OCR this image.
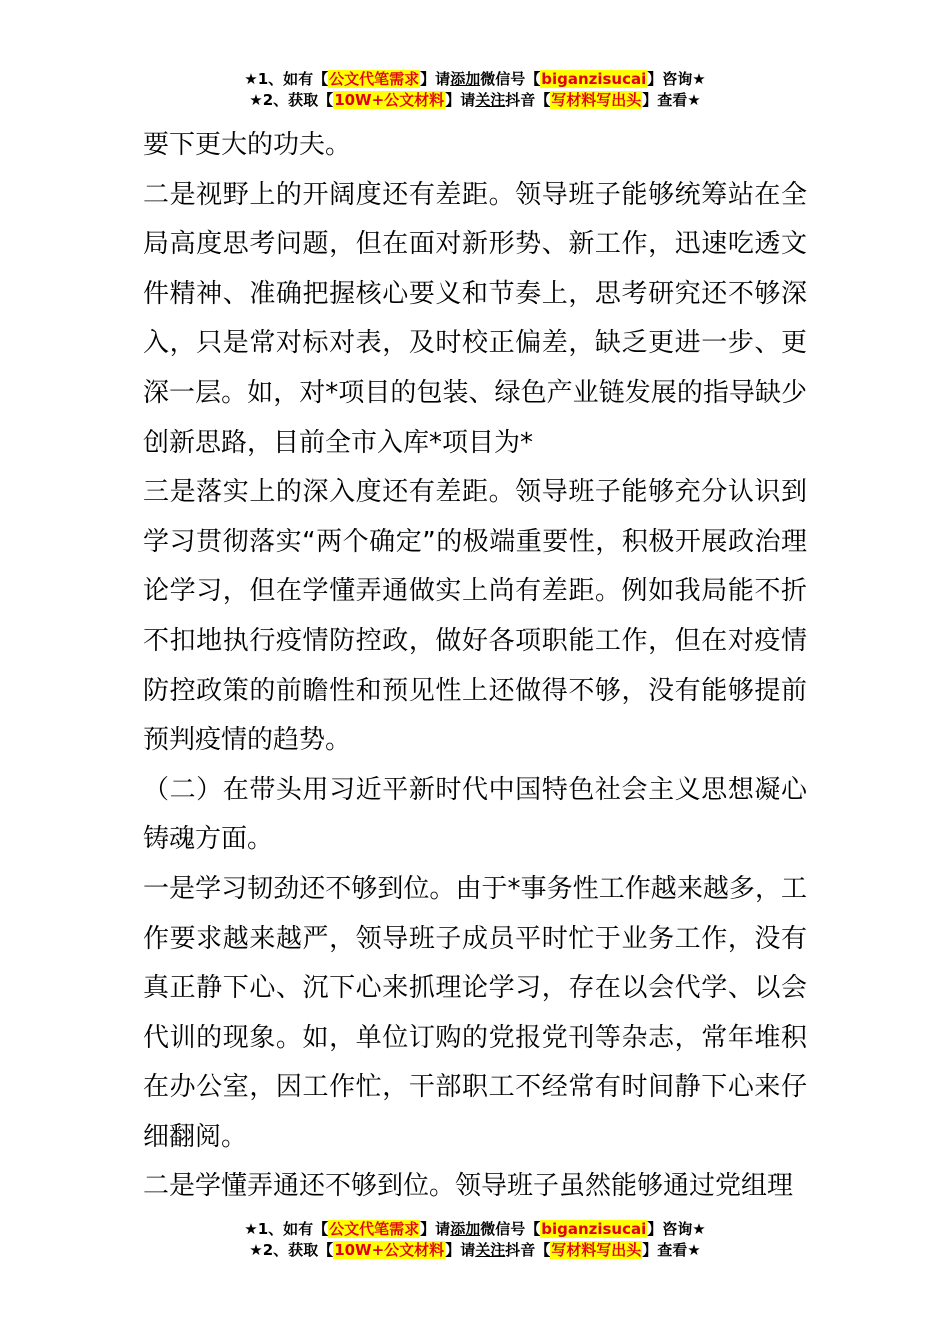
★1、如有【公文代笔需求】请添加微信号【biganzisucai】咨询★
★2、获取【10W+公文材料】请关注抖音【写材料写出头】查看★

要下更大的功夫。

二是视野上的开阔度还有差距。领导班子能够统筹站在全局高度思考问题，但在面对新形势、新工作，迅速吃透文件精神、准确把握核心要义和节奏上，思考研究还不够深入，只是常对标对表，及时校正偏差，缺乏更进一步、更深一层。如，对*项目的包装、绿色产业链发展的指导缺少创新思路，目前全市入库*项目为*

三是落实上的深入度还有差距。领导班子能够充分认识到学习贯彻落实“两个确定”的极端重要性，积极开展政治理论学习，但在学懂弄通做实上尚有差距。例如我局能不折不扣地执行疫情防控政，做好各项职能工作，但在对疫情防控政策的前瞻性和预见性上还做得不够，没有能够提前预判疫情的趋势。

（二）在带头用习近平新时代中国特色社会主义思想凝心铸魂方面。

一是学习韧劲还不够到位。由于*事务性工作越来越多，工作要求越来越严，领导班子成员平时忙于业务工作，没有真正静下心、沉下心来抓理论学习，存在以会代学、以会代训的现象。如，单位订购的党报党刊等杂志，常年堆积在办公室，因工作忙，干部职工不经常有时间静下心来仔细翻阅。

二是学懂弄通还不够到位。领导班子虽然能够通过党组理

★1、如有【公文代笔需求】请添加微信号【biganzisucai】咨询★
★2、获取【10W+公文材料】请关注抖音【写材料写出头】查看★
